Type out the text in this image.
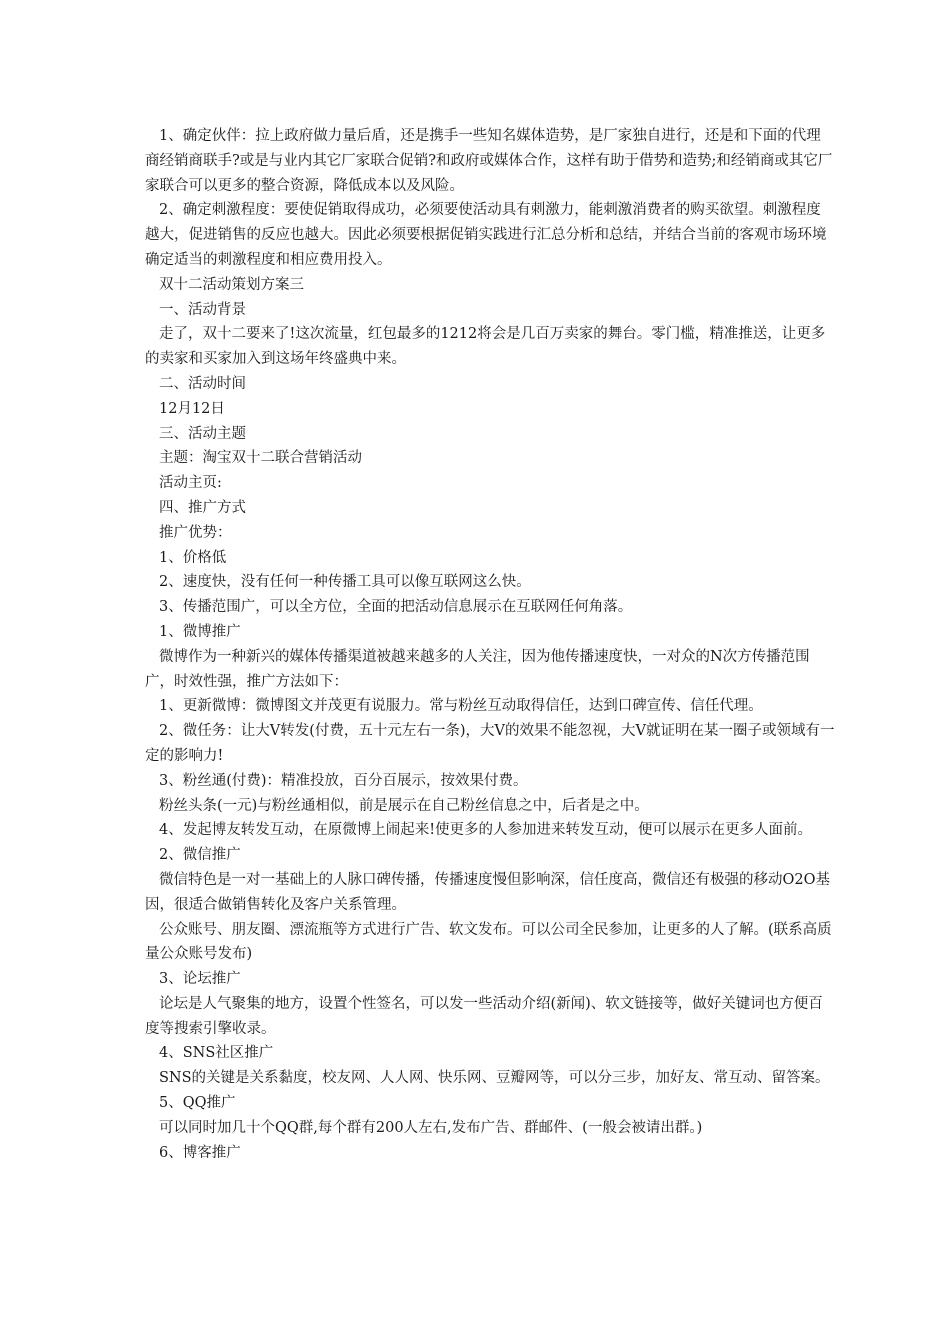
1、确定伙伴：拉上政府做力量后盾，还是携手一些知名媒体造势，是厂家独自进行，还是和下面的代理商经销商联手?或是与业内其它厂家联合促销?和政府或媒体合作，这样有助于借势和造势;和经销商或其它厂家联合可以更多的整合资源，降低成本以及风险。

2、确定刺激程度：要使促销取得成功，必须要使活动具有刺激力，能刺激消费者的购买欲望。刺激程度越大，促进销售的反应也越大。因此必须要根据促销实践进行汇总分析和总结，并结合当前的客观市场环境确定适当的刺激程度和相应费用投入。

双十二活动策划方案三

一、活动背景

走了，双十二要来了!这次流量，红包最多的1212将会是几百万卖家的舞台。零门槛，精准推送，让更多的卖家和买家加入到这场年终盛典中来。

二、活动时间

12月12日

三、活动主题

主题：淘宝双十二联合营销活动

活动主页:

四、推广方式

推广优势：

1、价格低

2、速度快，没有任何一种传播工具可以像互联网这么快。

3、传播范围广，可以全方位，全面的把活动信息展示在互联网任何角落。

1、微博推广

微博作为一种新兴的媒体传播渠道被越来越多的人关注，因为他传播速度快，一对众的N次方传播范围广，时效性强，推广方法如下：

1、更新微博：微博图文并茂更有说服力。常与粉丝互动取得信任，达到口碑宣传、信任代理。

2、微任务：让大V转发(付费，五十元左右一条)，大V的效果不能忽视，大V就证明在某一圈子或领域有一定的影响力!

3、粉丝通(付费)：精准投放，百分百展示，按效果付费。

粉丝头条(一元)与粉丝通相似，前是展示在自己粉丝信息之中，后者是之中。

4、发起博友转发互动，在原微博上闹起来!使更多的人参加进来转发互动，便可以展示在更多人面前。

2、微信推广

微信特色是一对一基础上的人脉口碑传播，传播速度慢但影响深，信任度高，微信还有极强的移动O2O基因，很适合做销售转化及客户关系管理。

公众账号、朋友圈、漂流瓶等方式进行广告、软文发布。可以公司全民参加，让更多的人了解。(联系高质量公众账号发布)

3、论坛推广

论坛是人气聚集的地方，设置个性签名，可以发一些活动介绍(新闻)、软文链接等，做好关键词也方便百度等搜索引擎收录。

4、SNS社区推广

SNS的关键是关系黏度，校友网、人人网、快乐网、豆瓣网等，可以分三步，加好友、常互动、留答案。

5、QQ推广

可以同时加几十个QQ群,每个群有200人左右,发布广告、群邮件、(一般会被请出群。)

6、博客推广
